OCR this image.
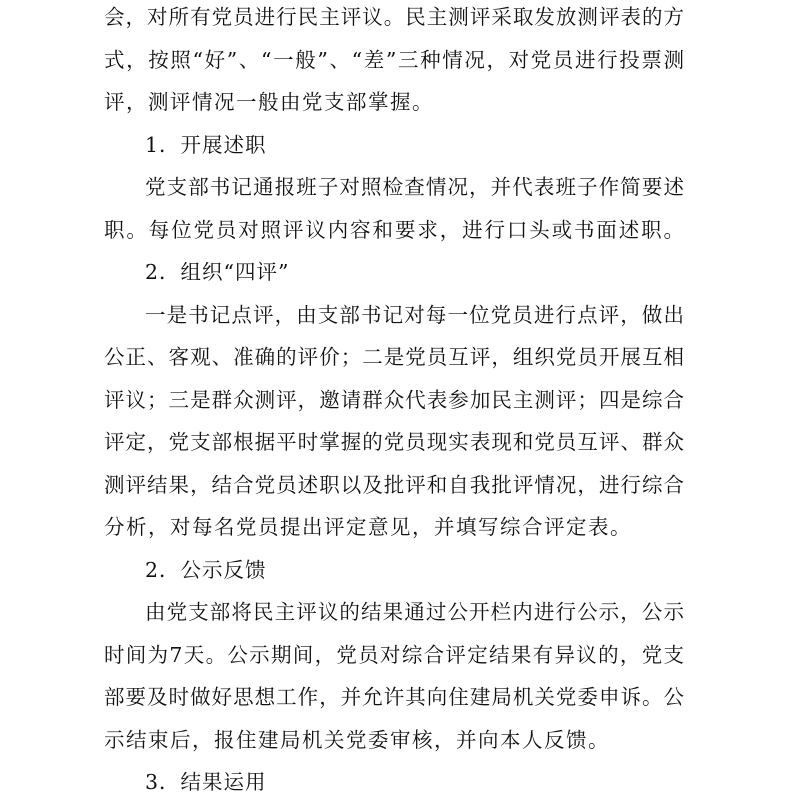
会，对所有党员进行民主评议。民主测评采取发放测评表的方
式，按照“好”、“一般”、“差”三种情况，对党员进行投票测
评，测评情况一般由党支部掌握。
1．开展述职
党支部书记通报班子对照检查情况，并代表班子作简要述
职。每位党员对照评议内容和要求，进行口头或书面述职。
2．组织“四评”
一是书记点评，由支部书记对每一位党员进行点评，做出
公正、客观、准确的评价；二是党员互评，组织党员开展互相
评议；三是群众测评，邀请群众代表参加民主测评；四是综合
评定，党支部根据平时掌握的党员现实表现和党员互评、群众
测评结果，结合党员述职以及批评和自我批评情况，进行综合
分析，对每名党员提出评定意见，并填写综合评定表。
2．公示反馈
由党支部将民主评议的结果通过公开栏内进行公示，公示
时间为7天。公示期间，党员对综合评定结果有异议的，党支
部要及时做好思想工作，并允许其向住建局机关党委申诉。公
示结束后，报住建局机关党委审核，并向本人反馈。
3．结果运用
